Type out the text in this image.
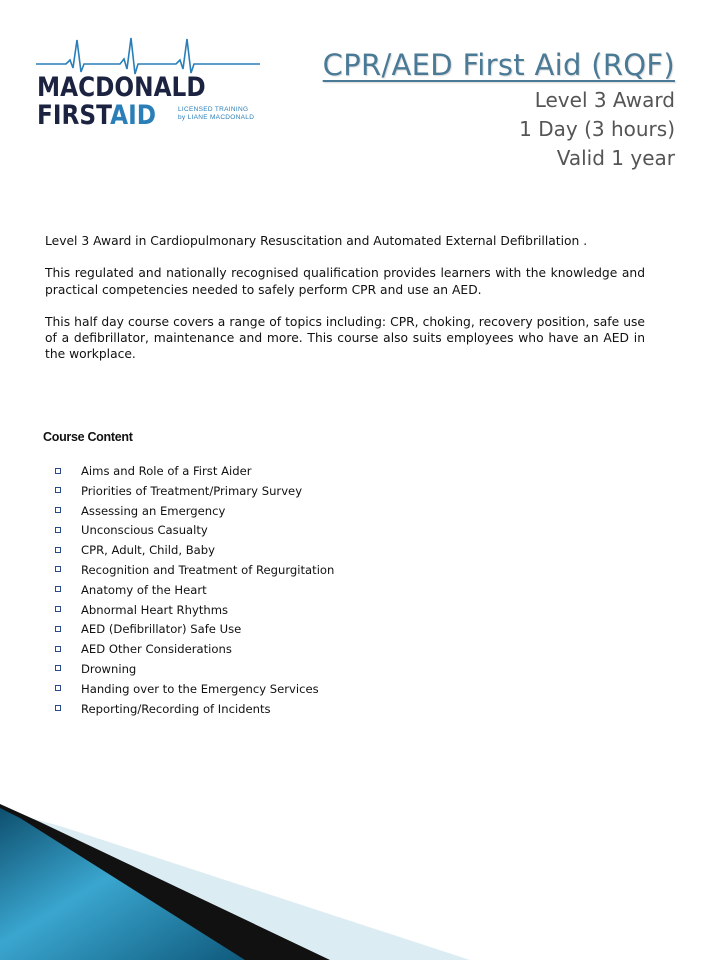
MACDONALD
FIRSTAID	LICENSED TRAINING
by LIANE MACDONALD
CPR/AED First Aid (RQF)
Level 3 Award
1 Day (3 hours)
Valid 1 year

Level 3 Award in Cardiopulmonary Resuscitation and Automated External Defibrillation .

This regulated and nationally recognised qualification provides learners with the knowledge and practical competencies needed to safely perform CPR and use an AED.

This half day course covers a range of topics including: CPR, choking, recovery position, safe use of a defibrillator, maintenance and more. This course also suits employees who have an AED in the workplace.

Course Content
Aims and Role of a First Aider
Priorities of Treatment/Primary Survey
Assessing an Emergency
Unconscious Casualty
CPR, Adult, Child, Baby
Recognition and Treatment of Regurgitation
Anatomy of the Heart
Abnormal Heart Rhythms
AED (Defibrillator) Safe Use
AED Other Considerations
Drowning
Handing over to the Emergency Services
Reporting/Recording of Incidents
